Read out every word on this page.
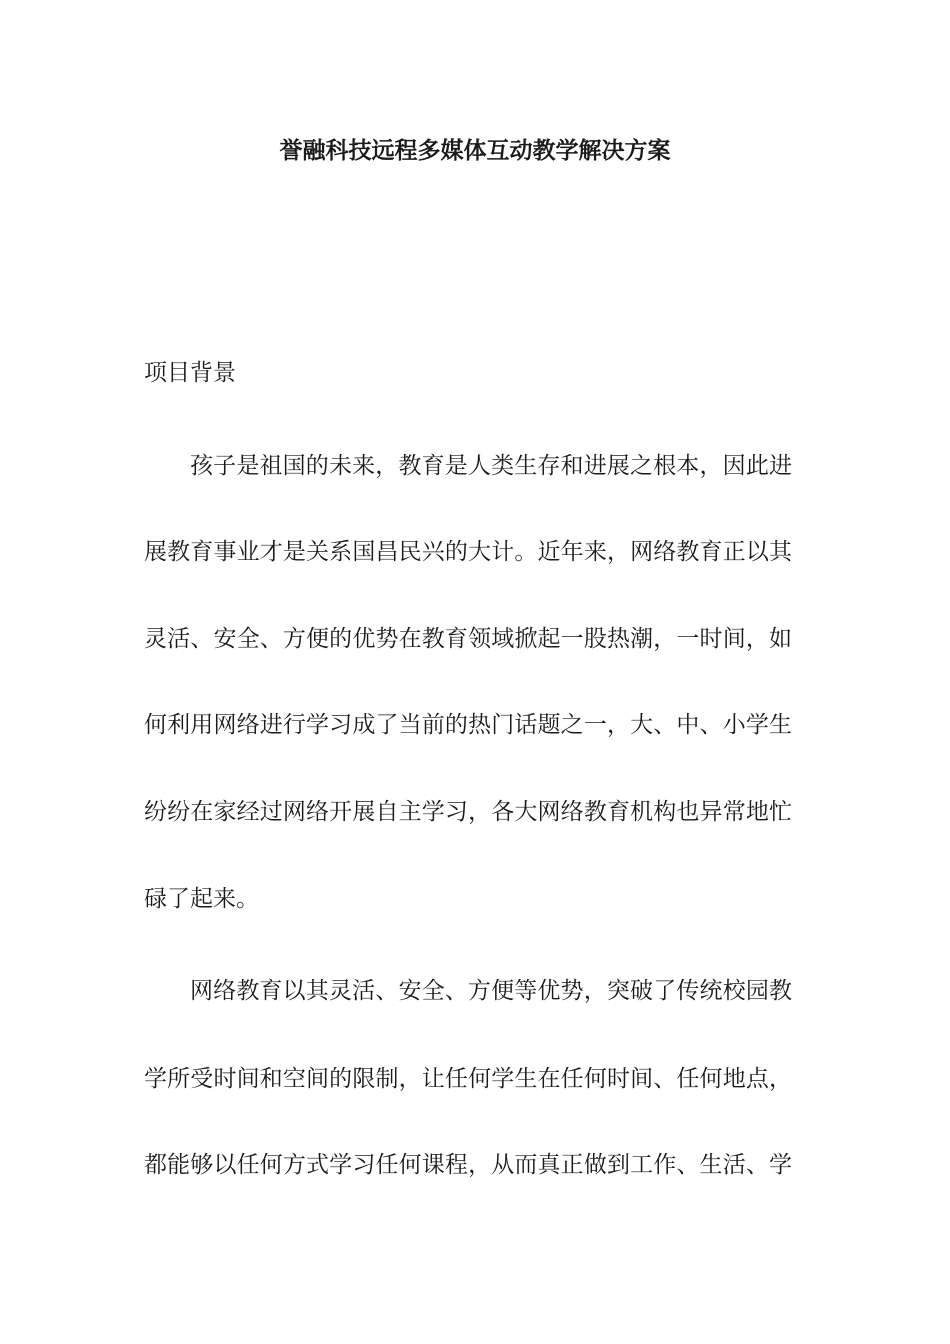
誉融科技远程多媒体互动教学解决方案
项目背景

孩子是祖国的未来，教育是人类生存和进展之根本，因此进

展教育事业才是关系国昌民兴的大计。近年来，网络教育正以其

灵活、安全、方便的优势在教育领域掀起一股热潮，一时间，如

何利用网络进行学习成了当前的热门话题之一，大、中、小学生

纷纷在家经过网络开展自主学习，各大网络教育机构也异常地忙

碌了起来。

网络教育以其灵活、安全、方便等优势，突破了传统校园教

学所受时间和空间的限制，让任何学生在任何时间、任何地点，

都能够以任何方式学习任何课程，从而真正做到工作、生活、学
